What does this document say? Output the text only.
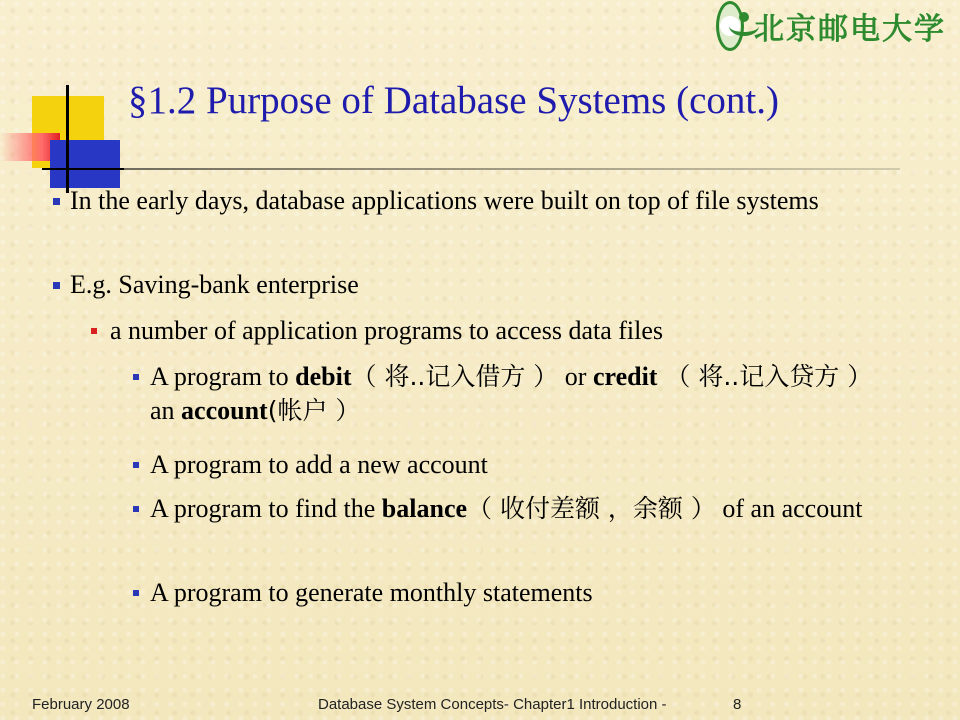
北京邮电大学
§1.2 Purpose of Database Systems (cont.)
In the early days, database applications were built on top of file systems
E.g. Saving-bank enterprise
a number of application programs to access data files
A program to debit（ 将..记入借方 ） or credit （ 将..记入贷方 ） an account(帐户 ）
A program to add a new account
A program to find the balance（ 收付差额 ，余额 ） of an account
A program to generate monthly statements
February 2008	Database System Concepts- Chapter1 Introduction -	8
